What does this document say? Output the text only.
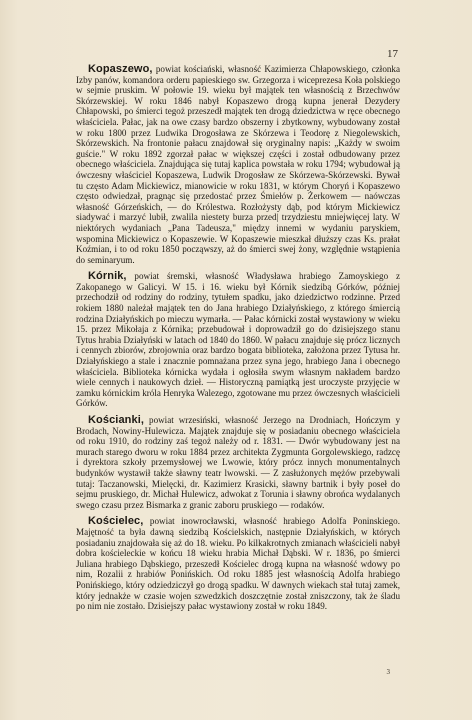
17

Kopaszewo, powiat kościański, własność Kazimierza Chłapowskiego, członka Izby panów, komandora orderu papieskiego sw. Grzegorza i wiceprezesa Koła polskiego w sejmie pruskim. W połowie 19. wieku był majątek ten własnością z Brzechwów Skórzewskiej. W roku 1846 nabył Kopaszewo drogą kupna jenerał Dezydery Chłapowski, po śmierci tegoż przeszedł majątek ten drogą dziedzictwa w ręce obecnego właściciela. Pałac, jak na owe czasy bardzo obszerny i zbytkowny, wybudowany został w roku 1800 przez Ludwika Drogosława ze Skórzewa i Teodorę z Niegolewskich, Skórzewskich. Na frontonie pałacu znajdował się oryginalny napis: „Każdy w swoim guście." W roku 1892 zgorzał pałac w większej części i został odbudowany przez obecnego właściciela. Znajdująca się tutaj kaplica powstała w roku 1794; wybudował ją ówczesny właściciel Kopaszewa, Ludwik Drogosław ze Skórzewa-Skórzewski. Bywał tu często Adam Mickiewicz, mianowicie w roku 1831, w którym Choryń i Kopaszewo często odwiedzał, pragnąc się przedostać przez Śmiełów p. Żerkowem — naówczas własność Górzeńskich, — do Królestwa. Rozłożysty dąb, pod którym Mickiewicz siadywać i marzyć lubił, zwalila niestety burza przed| trzydziestu mniejwięcej laty. W niektórych wydaniach „Pana Tadeusza," między innemi w wydaniu paryskiem, wspomina Mickiewicz o Kopaszewie. W Kopaszewie mieszkał dłuższy czas Ks. prałat Koźmian, i to od roku 1850 począwszy, aż do śmierci swej żony, względnie wstąpienia do seminaryum.

Kórnik, powiat śremski, własność Władysława hrabiego Zamoyskiego z Zakopanego w Galicyi. W 15. i 16. wieku był Kórnik siedzibą Górków, później przechodził od rodziny do rodziny, tytułem spadku, jako dziedzictwo rodzinne. Przed rokiem 1880 należał majątek ten do Jana hrabiego Działyńskiego, z którego śmiercią rodzina Działyńskich po mieczu wymarła. — Pałac kórnicki został wystawiony w wieku 15. przez Mikołaja z Kórnika; przebudował i doprowadził go do dzisiejszego stanu Tytus hrabia Działyński w latach od 1840 do 1860. W pałacu znajduje się prócz licznych i cennych zbiorów, zbrojownia oraz bardzo bogata biblioteka, założona przez Tytusa hr. Działyńskiego a stale i znacznie pomnażana przez syna jego, hrabiego Jana i obecnego właściciela. Biblioteka kórnicka wydała i ogłosiła swym własnym nakładem bardzo wiele cennych i naukowych dzieł. — Historyczną pamiątką jest uroczyste przyjęcie w zamku kórnickim króla Henryka Walezego, zgotowane mu przez ówczesnych właścicieli Górków.

Kościanki, powiat wrzesiński, własność Jerzego na Drodniach, Hończym y Brodach, Nowiny-Hulewicza. Majątek znajduje się w posiadaniu obecnego właściciela od roku 1910, do rodziny zaś tegoż należy od r. 1831. — Dwór wybudowany jest na murach starego dworu w roku 1884 przez architekta Zygmunta Gorgolewskiego, radzcę i dyrektora szkoły przemysłowej we Lwowie, który prócz innych monumentalnych budynków wystawił także sławny teatr lwowski. — Z zasłużonych mężów przebywali tutaj: Taczanowski, Mielęcki, dr. Kazimierz Krasicki, sławny bartnik i były poseł do sejmu pruskiego, dr. Michał Hulewicz, adwokat z Torunia i sławny obrońca wydalanych swego czasu przez Bismarka z granic zaboru pruskiego — rodaków.

Kościelec, powiat inowrocławski, własność hrabiego Adolfa Poninskiego. Majętność ta była dawną siedzibą Kościelskich, następnie Działyńskich, w których posiadaniu znajdowała się aż do 18. wieku. Po kilkakrotnych zmianach właścicieli nabył dobra kościeleckie w końcu 18 wieku hrabia Michał Dąbski. W r. 1836, po śmierci Juliana hrabiego Dąbskiego, przeszedł Kościelec drogą kupna na własność wdowy po nim, Rozalii z hrabiów Ponińskich. Od roku 1885 jest własnością Adolfa hrabiego Ponińskiego, który odziedziczył go drogą spadku. W dawnych wiekach stał tutaj zamek, który jednakże w czasie wojen szwedzkich doszczętnie został zniszczony, tak że śladu po nim nie zostało. Dzisiejszy pałac wystawiony został w roku 1849.

3
